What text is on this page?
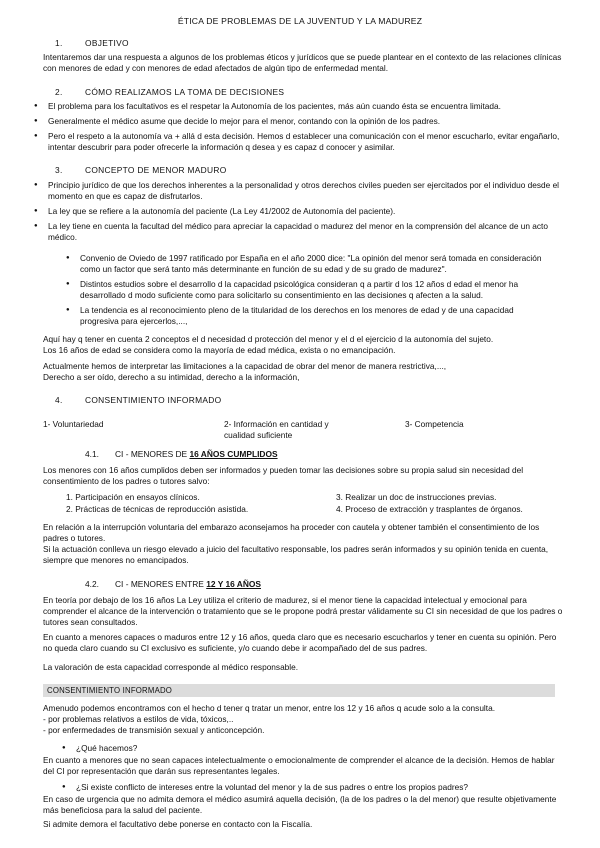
ÉTICA DE PROBLEMAS DE LA JUVENTUD Y LA MADUREZ
1.	OBJETIVO

Intentaremos dar una respuesta a algunos de los problemas éticos y jurídicos que se puede plantear en el contexto de las relaciones clínicas con menores de edad y con menores de edad afectados de algún tipo de enfermedad mental.

2.	CÓMO REALIZAMOS LA TOMA DE DECISIONES
● El problema para los facultativos es el respetar la Autonomía de los pacientes, más aún cuando ésta se encuentra limitada.
● Generalmente el médico asume que decide lo mejor para el menor, contando con la opinión de los padres.
● Pero el respeto a la autonomía va + allá d esta decisión. Hemos d establecer una comunicación con el menor escucharlo, evitar engañarlo, intentar descubrir para poder ofrecerle la información q desea y es capaz d conocer y asimilar.
3.	CONCEPTO DE MENOR MADURO
● Principio jurídico de que los derechos inherentes a la personalidad y otros derechos civiles pueden ser ejercitados por el individuo desde el momento en que es capaz de disfrutarlos.
● La ley que se refiere a la autonomía del paciente (La Ley 41/2002 de Autonomía del paciente).
● La ley tiene en cuenta la facultad del médico para apreciar la capacidad o madurez del menor en la comprensión del alcance de un acto médico.
● Convenio de Oviedo de 1997 ratificado por España en el año 2000 dice: "La opinión del menor será tomada en consideración como un factor que será tanto más determinante en función de su edad y de su grado de madurez".
● Distintos estudios sobre el desarrollo d la capacidad psicológica consideran q a partir d los 12 años d edad el menor ha desarrollado d modo suficiente como para solicitarlo su consentimiento en las decisiones q afecten a la salud.
● La tendencia es al reconocimiento pleno de la titularidad de los derechos en los menores de edad y de una capacidad progresiva para ejercerlos,...,

Aquí hay q tener en cuenta 2 conceptos el d necesidad d protección del menor y el d el ejercicio d la autonomía del sujeto.

Los 16 años de edad se considera como la mayoría de edad médica, exista o no emancipación.

Actualmente hemos de interpretar las limitaciones a la capacidad de obrar del menor de manera restrictiva,...,

Derecho a ser oído, derecho a su intimidad, derecho a la información,

4.	CONSENTIMIENTO INFORMADO
1- Voluntariedad	2- Información en cantidad y cualidad suficiente
3- Competencia
4.1. CI - MENORES DE 16 AÑOS CUMPLIDOS

Los menores con 16 años cumplidos deben ser informados y pueden tomar las decisiones sobre su propia salud sin necesidad del consentimiento de los padres o tutores salvo:

1. Participación en ensayos clínicos.	3. Realizar un doc de instrucciones previas.
2. Prácticas de técnicas de reproducción asistida.	4. Proceso de extracción y trasplantes de órganos.

En relación a la interrupción voluntaria del embarazo aconsejamos ha proceder con cautela y obtener también el consentimiento de los padres o tutores.

Si la actuación conlleva un riesgo elevado a juicio del facultativo responsable, los padres serán informados y su opinión tenida en cuenta, siempre que menores no emancipados.

4.2. CI - MENORES ENTRE 12 Y 16 AÑOS

En teoría por debajo de los 16 años La Ley utiliza el criterio de madurez, si el menor tiene la capacidad intelectual y emocional para comprender el alcance de la intervención o tratamiento que se le propone podrá prestar válidamente su CI sin necesidad de que los padres o tutores sean consultados.

En cuanto a menores capaces o maduros entre 12 y 16 años, queda claro que es necesario escucharlos y tener en cuenta su opinión. Pero no queda claro cuando su CI exclusivo es suficiente, y/o cuando debe ir acompañado del de sus padres.

La valoración de esta capacidad corresponde al médico responsable.

CONSENTIMIENTO INFORMADO

Amenudo podemos encontramos con el hecho d tener q tratar un menor, entre los 12 y 16 años q acude solo a la consulta.

- por problemas relativos a estilos de vida, tóxicos,..

- por enfermedades de transmisión sexual y anticoncepción.

● ¿Qué hacemos?

En cuanto a menores que no sean capaces intelectualmente o emocionalmente de comprender el alcance de la decisión. Hemos de hablar del CI por representación que darán sus representantes legales.

● ¿Si existe conflicto de intereses entre la voluntad del menor y la de sus padres o entre los propios padres?

En caso de urgencia que no admita demora el médico asumirá aquella decisión, (la de los padres o la del menor) que resulte objetivamente más beneficiosa para la salud del paciente.

Si admite demora el facultativo debe ponerse en contacto con la Fiscalía.
